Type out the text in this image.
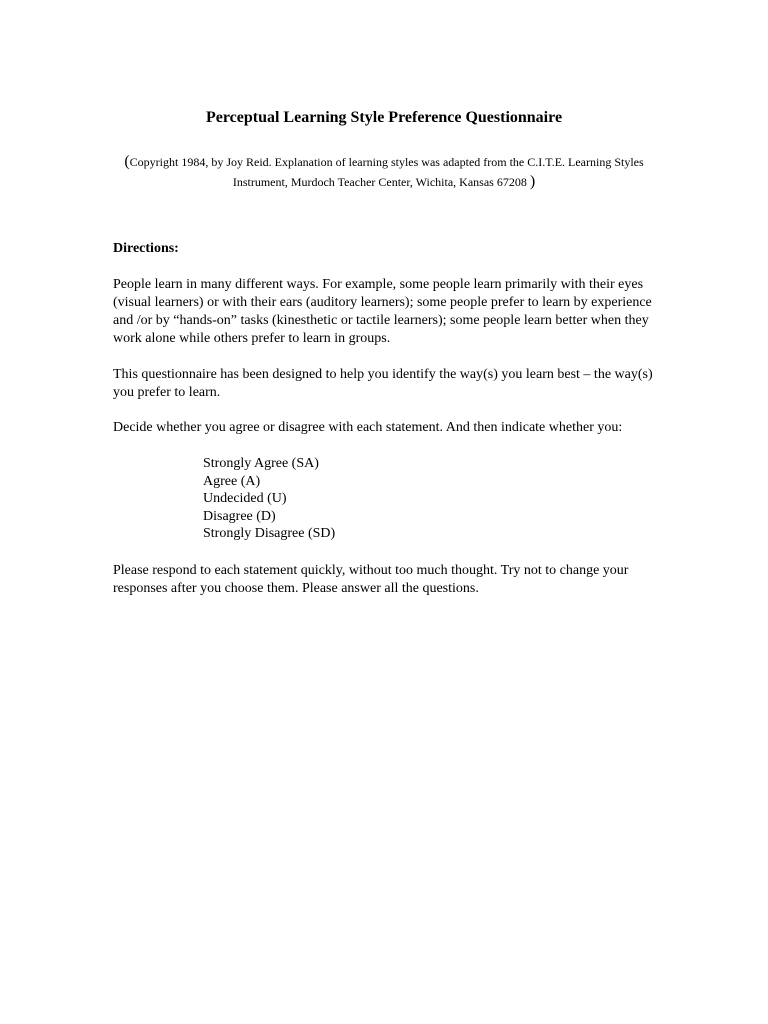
Perceptual Learning Style Preference Questionnaire

(Copyright 1984, by Joy Reid. Explanation of learning styles was adapted from the C.I.T.E. Learning Styles Instrument, Murdoch Teacher Center, Wichita, Kansas 67208 )

Directions:

People learn in many different ways. For example, some people learn primarily with their eyes (visual learners) or with their ears (auditory learners); some people prefer to learn by experience and /or by “hands-on” tasks (kinesthetic or tactile learners); some people learn better when they work alone while others prefer to learn in groups.

This questionnaire has been designed to help you identify the way(s) you learn best – the way(s) you prefer to learn.

Decide whether you agree or disagree with each statement. And then indicate whether you:

Strongly Agree (SA)
Agree (A)
Undecided (U)
Disagree (D)
Strongly Disagree (SD)

Please respond to each statement quickly, without too much thought. Try not to change your responses after you choose them. Please answer all the questions.
